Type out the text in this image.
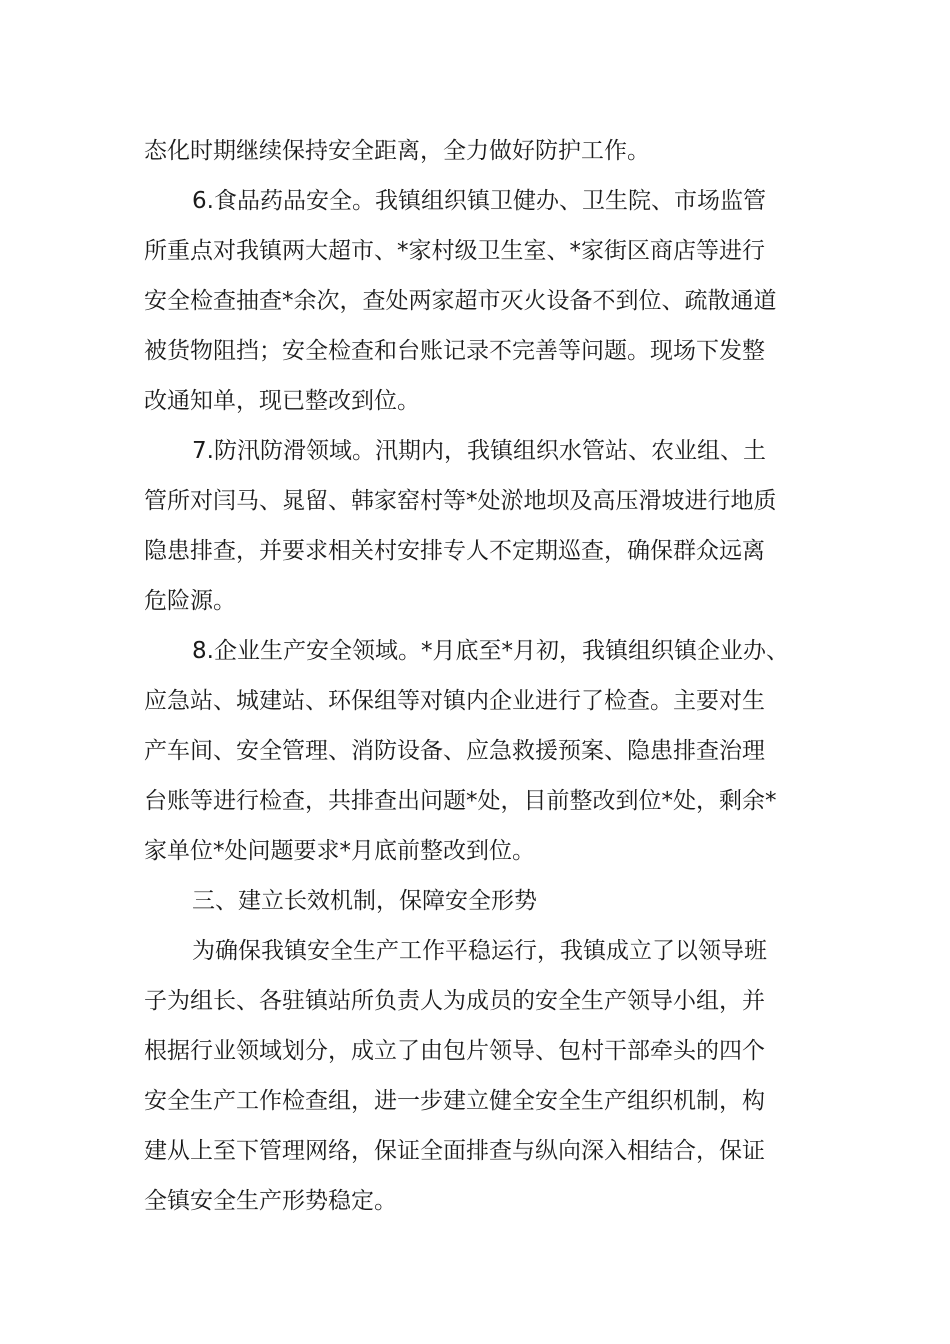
态化时期继续保持安全距离，全力做好防护工作。
6.食品药品安全。我镇组织镇卫健办、卫生院、市场监管
所重点对我镇两大超市、*家村级卫生室、*家街区商店等进行
安全检查抽查*余次，查处两家超市灭火设备不到位、疏散通道
被货物阻挡；安全检查和台账记录不完善等问题。现场下发整
改通知单，现已整改到位。
7.防汛防滑领域。汛期内，我镇组织水管站、农业组、土
管所对闫马、晁留、韩家窑村等*处淤地坝及高压滑坡进行地质
隐患排查，并要求相关村安排专人不定期巡查，确保群众远离
危险源。
8.企业生产安全领域。*月底至*月初，我镇组织镇企业办、
应急站、城建站、环保组等对镇内企业进行了检查。主要对生
产车间、安全管理、消防设备、应急救援预案、隐患排查治理
台账等进行检查，共排查出问题*处，目前整改到位*处，剩余*
家单位*处问题要求*月底前整改到位。
三、建立长效机制，保障安全形势
为确保我镇安全生产工作平稳运行，我镇成立了以领导班
子为组长、各驻镇站所负责人为成员的安全生产领导小组，并
根据行业领域划分，成立了由包片领导、包村干部牵头的四个
安全生产工作检查组，进一步建立健全安全生产组织机制，构
建从上至下管理网络，保证全面排查与纵向深入相结合，保证
全镇安全生产形势稳定。
